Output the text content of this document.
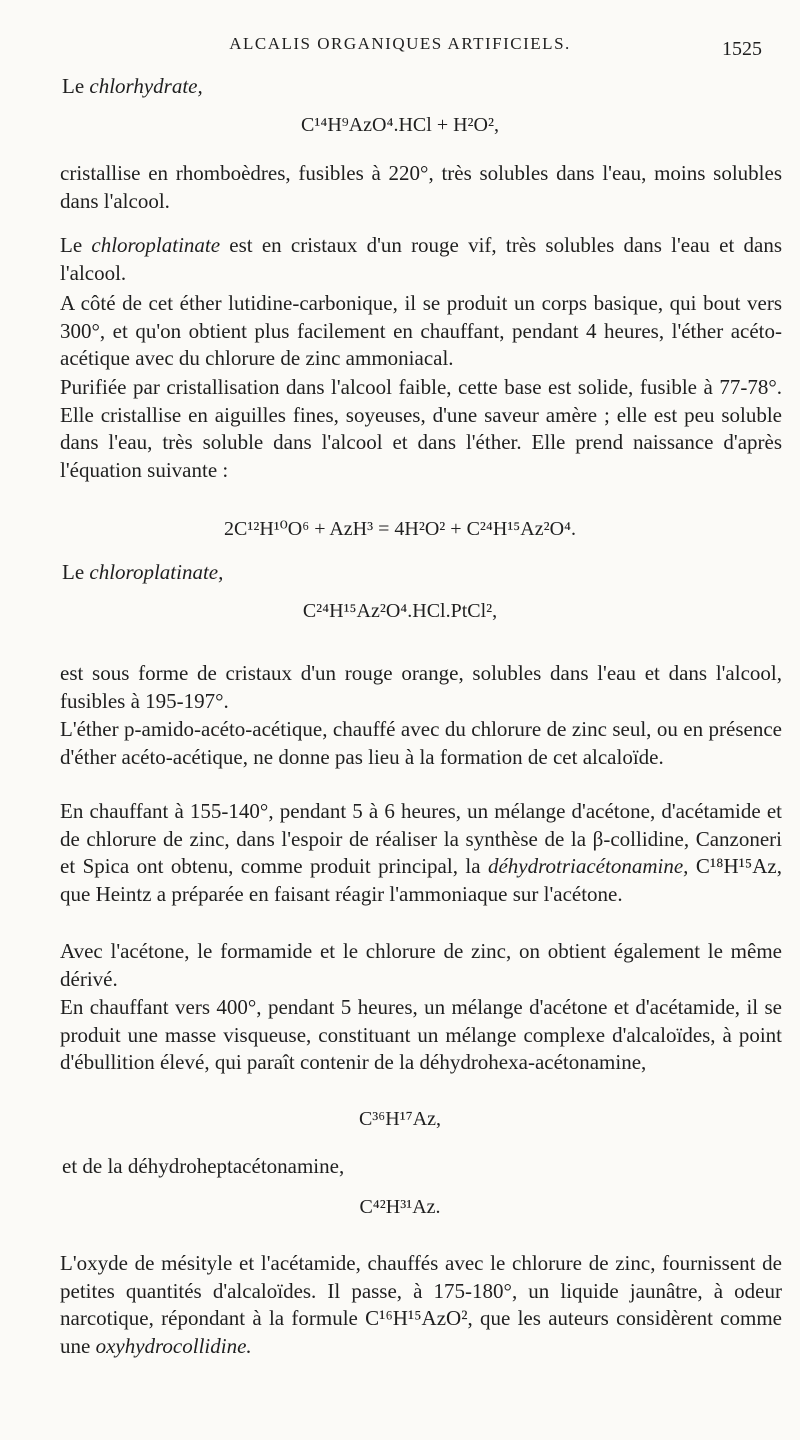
ALCALIS ORGANIQUES ARTIFICIELS.	1525
Le chlorhydrate,
C¹⁴H⁹AzO⁴.HCl + H²O²,
cristallise en rhomboèdres, fusibles à 220°, très solubles dans l'eau, moins solubles dans l'alcool.
Le chloroplatinate est en cristaux d'un rouge vif, très solubles dans l'eau et dans l'alcool.
A côté de cet éther lutidine-carbonique, il se produit un corps basique, qui bout vers 300°, et qu'on obtient plus facilement en chauffant, pendant 4 heures, l'éther acéto-acétique avec du chlorure de zinc ammoniacal.
Purifiée par cristallisation dans l'alcool faible, cette base est solide, fusible à 77-78°. Elle cristallise en aiguilles fines, soyeuses, d'une saveur amère ; elle est peu soluble dans l'eau, très soluble dans l'alcool et dans l'éther. Elle prend naissance d'après l'équation suivante :
2C¹²H¹⁰O⁶ + AzH³ = 4H²O² + C²⁴H¹⁵Az²O⁴.
Le chloroplatinate,
C²⁴H¹⁵Az²O⁴.HCl.PtCl²,
est sous forme de cristaux d'un rouge orange, solubles dans l'eau et dans l'alcool, fusibles à 195-197°.
L'éther p-amido-acéto-acétique, chauffé avec du chlorure de zinc seul, ou en présence d'éther acéto-acétique, ne donne pas lieu à la formation de cet alcaloïde.
En chauffant à 155-140°, pendant 5 à 6 heures, un mélange d'acétone, d'acétamide et de chlorure de zinc, dans l'espoir de réaliser la synthèse de la β-collidine, Canzoneri et Spica ont obtenu, comme produit principal, la déhydrotriacétonamine, C¹⁸H¹⁵Az, que Heintz a préparée en faisant réagir l'ammoniaque sur l'acétone.
Avec l'acétone, le formamide et le chlorure de zinc, on obtient également le même dérivé.
En chauffant vers 400°, pendant 5 heures, un mélange d'acétone et d'acétamide, il se produit une masse visqueuse, constituant un mélange complexe d'alcaloïdes, à point d'ébullition élevé, qui paraît contenir de la déhydrohexa-acétonamine,
C³⁶H¹⁷Az,
et de la déhydroheptacétonamine,
C⁴²H³¹Az.
L'oxyde de mésityle et l'acétamide, chauffés avec le chlorure de zinc, fournissent de petites quantités d'alcaloïdes. Il passe, à 175-180°, un liquide jaunâtre, à odeur narcotique, répondant à la formule C¹⁶H¹⁵AzO², que les auteurs considèrent comme une oxyhydrocollidine.
